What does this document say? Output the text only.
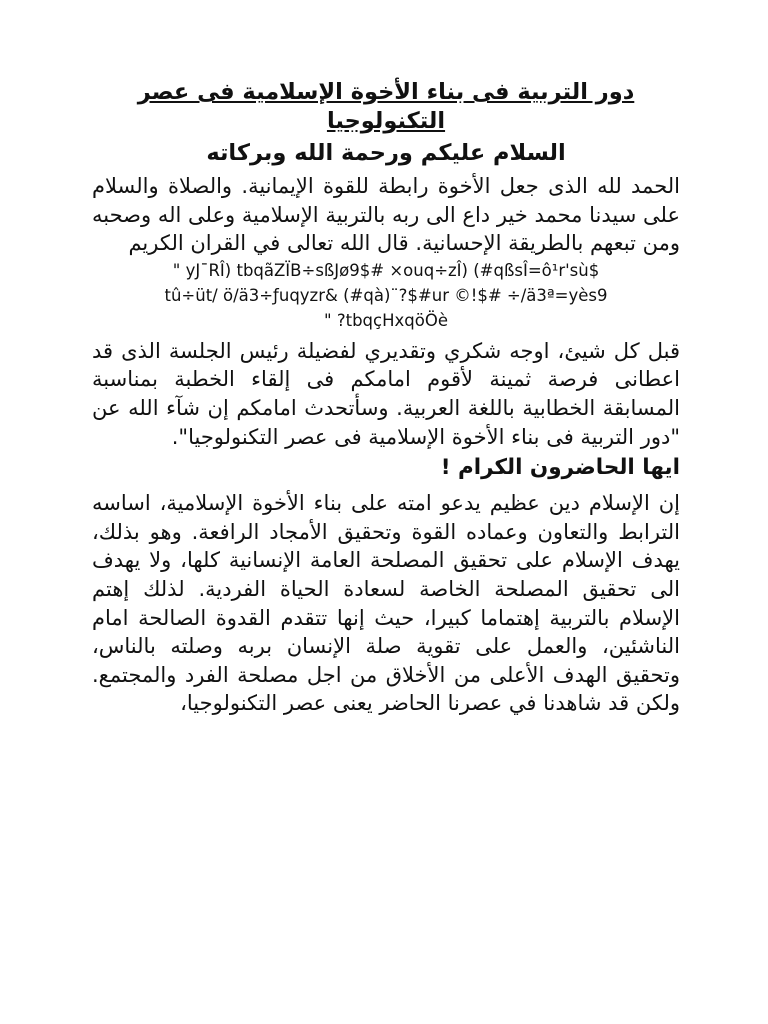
دور التربية فى بناء الأخوة الإسلامية فى عصر التكنولوجيا

السلام عليكم ورحمة الله وبركاته

الحمد لله الذى جعل الأخوة رابطة للقوة الإيمانية. والصلاة والسلام على سيدنا محمد خير داع الى ربه بالتربية الإسلامية وعلى اله وصحبه ومن تبعهم بالطريقة الإحسانية. قال الله تعالى في القران الكريم

" yJ¯RÎ) tbqãZÏB÷sßJø9$# ×ouq÷zÎ) (#qßsÎ=ô¹r'sù$
tû÷üt/ ö/ä3÷ƒuqyzr& (#qà)¨?$#ur ©!$# ÷/ä3ª=yès9
" ?tbqçHxqöÖè

قبل كل شيئ، اوجه شكري وتقديري لفضيلة رئيس الجلسة الذى قد اعطانى فرصة ثمينة لأقوم امامكم فى إلقاء الخطبة بمناسبة المسابقة الخطابية باللغة العربية. وسأتحدث امامكم إن شآء الله عن "دور التربية فى بناء الأخوة الإسلامية فى عصر التكنولوجيا".

ايها الحاضرون الكرام !

إن الإسلام دين عظيم يدعو امته على بناء الأخوة الإسلامية، اساسه الترابط والتعاون وعماده القوة وتحقيق الأمجاد الرافعة. وهو بذلك، يهدف الإسلام على تحقيق المصلحة العامة الإنسانية كلها، ولا يهدف الى تحقيق المصلحة الخاصة لسعادة الحياة الفردية. لذلك إهتم الإسلام بالتربية إهتماما كبيرا، حيث إنها تتقدم القدوة الصالحة امام الناشئين، والعمل على تقوية صلة الإنسان بربه وصلته بالناس، وتحقيق الهدف الأعلى من الأخلاق من اجل مصلحة الفرد والمجتمع. ولكن قد شاهدنا في عصرنا الحاضر يعنى عصر التكنولوجيا،
